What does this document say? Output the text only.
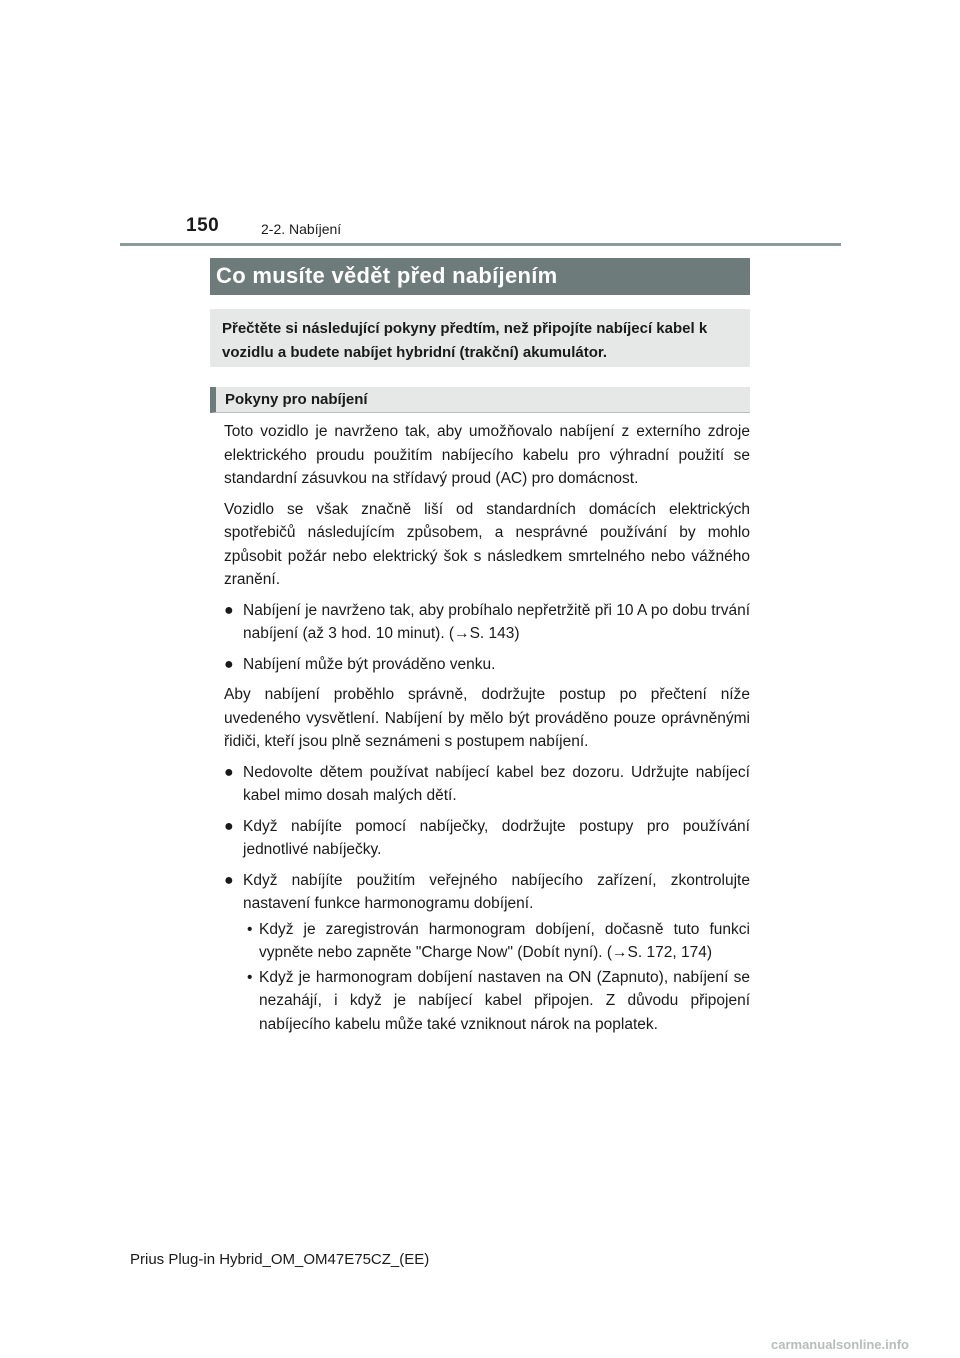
150	2-2. Nabíjení
Co musíte vědět před nabíjením
Přečtěte si následující pokyny předtím, než připojíte nabíjecí kabel k vozidlu a budete nabíjet hybridní (trakční) akumulátor.
Pokyny pro nabíjení

Toto vozidlo je navrženo tak, aby umožňovalo nabíjení z externího zdroje elektrického proudu použitím nabíjecího kabelu pro výhradní použití se standardní zásuvkou na střídavý proud (AC) pro domácnost.

Vozidlo se však značně liší od standardních domácích elektrických spotřebičů následujícím způsobem, a nesprávné používání by mohlo způsobit požár nebo elektrický šok s následkem smrtelného nebo vážného zranění.

● Nabíjení je navrženo tak, aby probíhalo nepřetržitě při 10 A po dobu trvání nabíjení (až 3 hod. 10 minut). (→S. 143)
● Nabíjení může být prováděno venku.

Aby nabíjení proběhlo správně, dodržujte postup po přečtení níže uvedeného vysvětlení. Nabíjení by mělo být prováděno pouze oprávněnými řidiči, kteří jsou plně seznámeni s postupem nabíjení.

● Nedovolte dětem používat nabíjecí kabel bez dozoru. Udržujte nabíjecí kabel mimo dosah malých dětí.
● Když nabíjíte pomocí nabíječky, dodržujte postupy pro používání jednotlivé nabíječky.
● Když nabíjíte použitím veřejného nabíjecího zařízení, zkontrolujte nastavení funkce harmonogramu dobíjení.
• Když je zaregistrován harmonogram dobíjení, dočasně tuto funkci vypněte nebo zapněte "Charge Now" (Dobít nyní). (→S. 172, 174)
• Když je harmonogram dobíjení nastaven na ON (Zapnuto), nabíjení se nezahájí, i když je nabíjecí kabel připojen. Z důvodu připojení nabíjecího kabelu může také vzniknout nárok na poplatek.
Prius Plug-in Hybrid_OM_OM47E75CZ_(EE)
carmanualsonline.info
